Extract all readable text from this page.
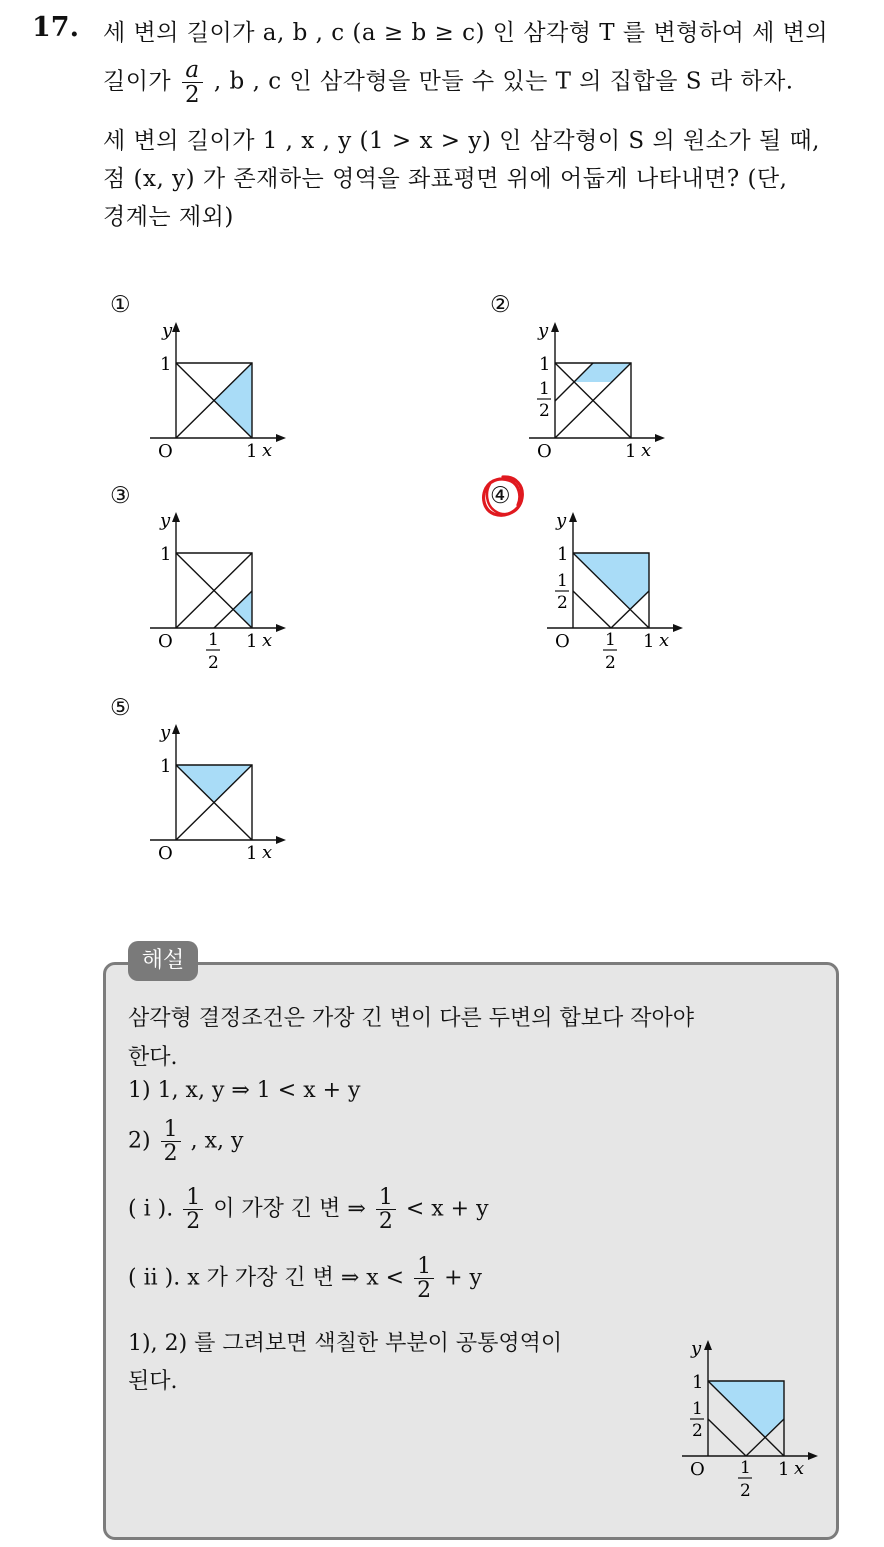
17. 세 변의 길이가 a, b , c (a ≥ b ≥ c) 인 삼각형 T 를 변형하여 세 변의
길이가 $\frac{a}{2}$ , b , c 인 삼각형을 만들 수 있는 T 의 집합을 S 라 하자.
세 변의 길이가 1 , x , y (1 > x > y) 인 삼각형이 S 의 원소가 될 때,
점 (x, y) 가 존재하는 영역을 좌표평면 위에 어둡게 나타내면? (단,
경계는 제외)
①	②
③	④
⑤
y
1
O	1 x
y
1
1
2
O	1 x
y
1
O 1
2
1 x
y
1
1
2
O 1
2
1 x
y
1
O	1 x
해설
삼각형 결정조건은 가장 긴 변이 다른 두변의 합보다 작아야
한다.
1) 1, x, y ⇒ 1 < x + y
$2) \frac{1}{2}$ , x, y
( i ). $\frac{1}{2}$ 이 가장 긴 변 ⇒ $\frac{1}{2} < x + y$
( ii ). x 가 가장 긴 변 ⇒ $x < \frac{1}{2} + y$
1), 2) 를 그려보면 색칠한 부분이 공통영역이
된다.
y
1
1
2
O 1
2
1 x
